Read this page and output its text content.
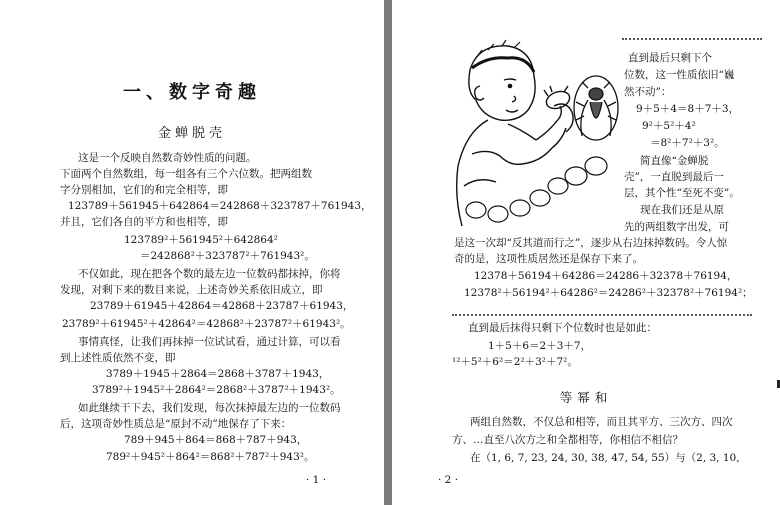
一、数字奇趣
金蝉脱壳
这是一个反映自然数奇妙性质的问题。
下面两个自然数组，每一组各有三个六位数。把两组数
字分别相加，它们的和完全相等，即
123789＋561945＋642864＝242868＋323787＋761943，
并且，它们各自的平方和也相等，即
123789²＋561945²＋642864²
＝242868²＋323787²＋761943²。
不仅如此，现在把各个数的最左边一位数码都抹掉，你将
发现，对剩下来的数目来说，上述奇妙关系依旧成立，即
23789＋61945＋42864＝42868＋23787＋61943，
23789²＋61945²＋42864²＝42868²＋23787²＋61943²。
事情真怪，让我们再抹掉一位试试看，通过计算，可以看
到上述性质依然不变，即
3789＋1945＋2864＝2868＋3787＋1943，
3789²＋1945²＋2864²＝2868²＋3787²＋1943²。
如此继续干下去，我们发现，每次抹掉最左边的一位数码
后，这项奇妙性质总是“原封不动”地保存了下来：
789＋945＋864＝868＋787＋943，
789²＋945²＋864²＝868²＋787²＋943²。
· 1 ·
直到最后只剩下个
位数，这一性质依旧“巍
然不动”：
9＋5＋4＝8＋7＋3，
9²＋5²＋4²
＝8²＋7²＋3²。
简直像“金蝉脱
壳”，一直脱到最后一
层，其个性“至死不变”。
现在我们还是从原
先的两组数字出发，可
是这一次却“反其道而行之”，逐步从右边抹掉数码。令人惊
奇的是，这项性质居然还是保存下来了。
12378＋56194＋64286＝24286＋32378＋76194，
12378²＋56194²＋64286²＝24286²＋32378²＋76194²；
直到最后抹得只剩下个位数时也是如此：
1＋5＋6＝2＋3＋7，
¹²＋5²＋6²＝2²＋3²＋7²。
等幂和
两组自然数，不仅总和相等，而且其平方、三次方、四次
方、…直至八次方之和全都相等，你相信不相信？
在（1, 6, 7, 23, 24, 30, 38, 47, 54, 55）与（2, 3, 10,
· 2 ·
